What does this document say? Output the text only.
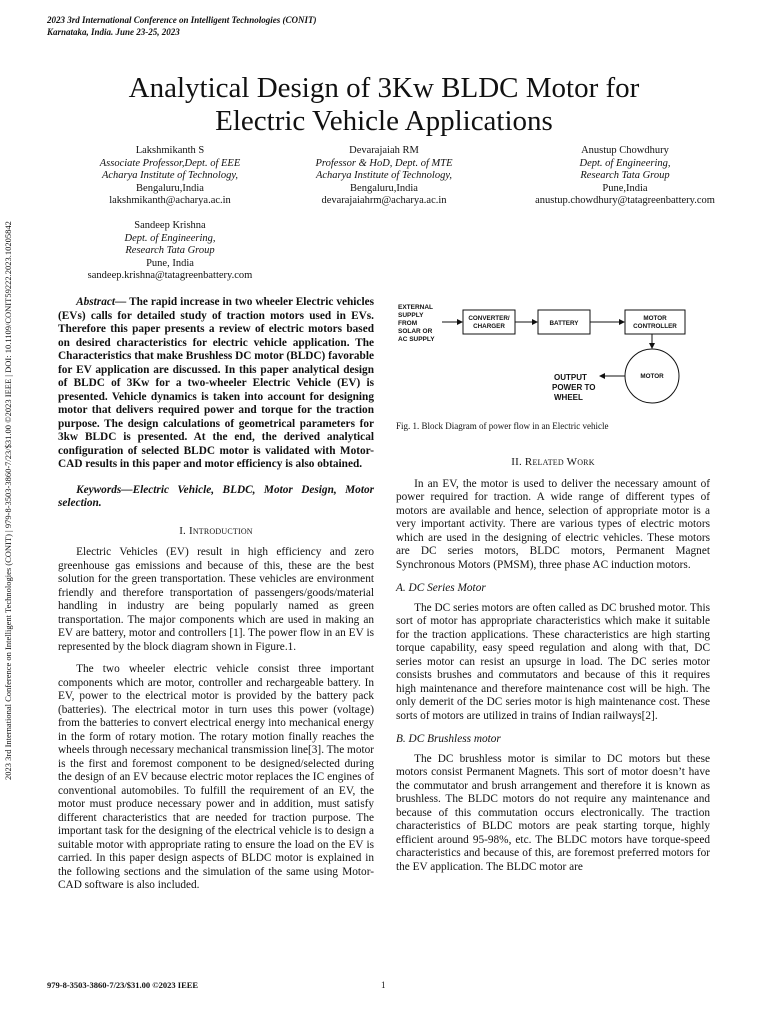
2023 3rd International Conference on Intelligent Technologies (CONIT)
Karnataka, India. June 23-25, 2023
Analytical Design of 3Kw BLDC Motor for
Electric Vehicle Applications
Lakshmikanth S
Associate Professor,Dept. of EEE
Acharya Institute of Technology,
Bengaluru,India
lakshmikanth@acharya.ac.in
Devarajaiah RM
Professor & HoD, Dept. of MTE
Acharya Institute of Technology,
Bengaluru,India
devarajaiahrm@acharya.ac.in
Anustup Chowdhury
Dept. of Engineering,
Research Tata Group
Pune,India
anustup.chowdhury@tatagreenbattery.com
Sandeep Krishna
Dept. of Engineering,
Research Tata Group
Pune, India
sandeep.krishna@tatagreenbattery.com
2023 3rd International Conference on Intelligent Technologies (CONIT) | 979-8-3503-3860-7/23/$31.00 ©2023 IEEE | DOI: 10.1109/CONIT59222.2023.10205842	Abstract— The rapid increase in two wheeler Electric vehicles (EVs) calls for detailed study of traction motors used in EVs. Therefore this paper presents a review of electric motors based on desired characteristics for electric vehicle application. The Characteristics that make Brushless DC motor (BLDC) favorable for EV application are discussed. In this paper analytical design of BLDC of 3Kw for a two-wheeler Electric Vehicle (EV) is presented. Vehicle dynamics is taken into account for designing motor that delivers required power and torque for the traction purpose. The design calculations of geometrical parameters for 3kw BLDC is presented. At the end, the derived analytical configuration of selected BLDC motor is validated with Motor-CAD results in this paper and motor efficiency is also obtained.

Keywords—Electric Vehicle, BLDC, Motor Design, Motor selection.

I. Introduction

Electric Vehicles (EV) result in high efficiency and zero greenhouse gas emissions and because of this, these are the best solution for the green transportation. These vehicles are environment friendly and therefore transportation of passengers/goods/material handling in industry are being popularly named as green transportation. The major components which are used in making an EV are battery, motor and controllers [1]. The power flow in an EV is represented by the block diagram shown in Figure.1.

The two wheeler electric vehicle consist three important components which are motor, controller and rechargeable battery. In EV, power to the electrical motor is provided by the battery pack (batteries). The electrical motor in turn uses this power (voltage) from the batteries to convert electrical energy into mechanical energy in the form of rotary motion. The rotary motion finally reaches the wheels through necessary mechanical transmission line[3]. The motor is the first and foremost component to be designed/selected during the design of an EV because electric motor replaces the IC engines of conventional automobiles. To fulfill the requirement of an EV, the motor must produce necessary power and in addition, must satisfy different characteristics that are needed for traction purpose. The important task for the designing of the electrical vehicle is to design a suitable motor with appropriate rating to ensure the load on the EV is carried. In this paper design aspects of BLDC motor is explained in the following sections and the simulation of the same using Motor-CAD software is also included.

EXTERNAL
SUPPLY
FROM
SOLAR OR
AC SUPPLY
CONVERTER/
CHARGER	BATTERY
MOTOR
CONTROLLER
MOTOR
OUTPUT
POWER TO
WHEEL
Fig. 1. Block Diagram of power flow in an Electric vehicle

II. Related Work

In an EV, the motor is used to deliver the necessary amount of power required for traction. A wide range of different types of motors are available and hence, selection of appropriate motor is a very important activity. There are various types of electric motors which are used in the designing of electric vehicles. These motors are DC series motors, BLDC motors, Permanent Magnet Synchronous Motors (PMSM), three phase AC induction motors.

A. DC Series Motor

The DC series motors are often called as DC brushed motor. This sort of motor has appropriate characteristics which make it suitable for the traction applications. These characteristics are high starting torque capability, easy speed regulation and along with that, DC series motor can resist an upsurge in load. The DC series motor consists brushes and commutators and because of this it requires high maintenance and therefore maintenance cost will be high. The only demerit of the DC series motor is high maintenance cost. These sorts of motors are utilized in trains of Indian railways[2].

B. DC Brushless motor

The DC brushless motor is similar to DC motors but these motors consist Permanent Magnets. This sort of motor doesn’t have the commutator and brush arrangement and therefore it is known as brushless. The BLDC motors do not require any maintenance and because of this commutation occurs electronically. The traction characteristics of BLDC motors are peak starting torque, highly efficient around 95-98%, etc. The BLDC motors have torque-speed characteristics and because of this, are foremost preferred motors for the EV application. The BLDC motor are

979-8-3503-3860-7/23/$31.00 ©2023 IEEE	1
